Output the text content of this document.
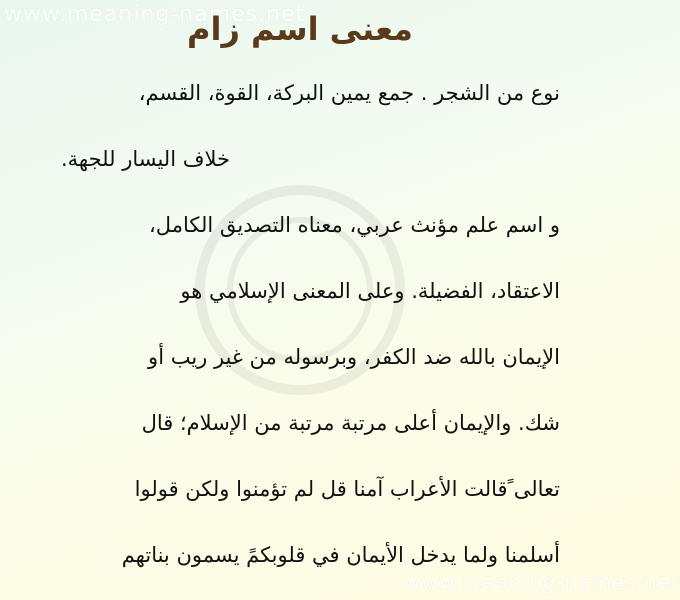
www.meaning-names.net
معنى اسم زام
نوع من الشجر . جمع يمين البركة، القوة، القسم،
خلاف اليسار للجهة.
و اسم علم مؤنث عربي، معناه التصديق الكامل،
الاعتقاد، الفضيلة. وعلى المعنى الإسلامي هو
الإيمان بالله ضد الكفر، وبرسوله من غير ريب أو
شك. والإيمان أعلى مرتبة مرتبة من الإسلام؛ قال
تعالى ًقالت الأعراب آمنا قل لم تؤمنوا ولكن قولوا
أسلمنا ولما يدخل الأيمان في قلوبكمً يسمون بناتهم
www.meaning-names.net
